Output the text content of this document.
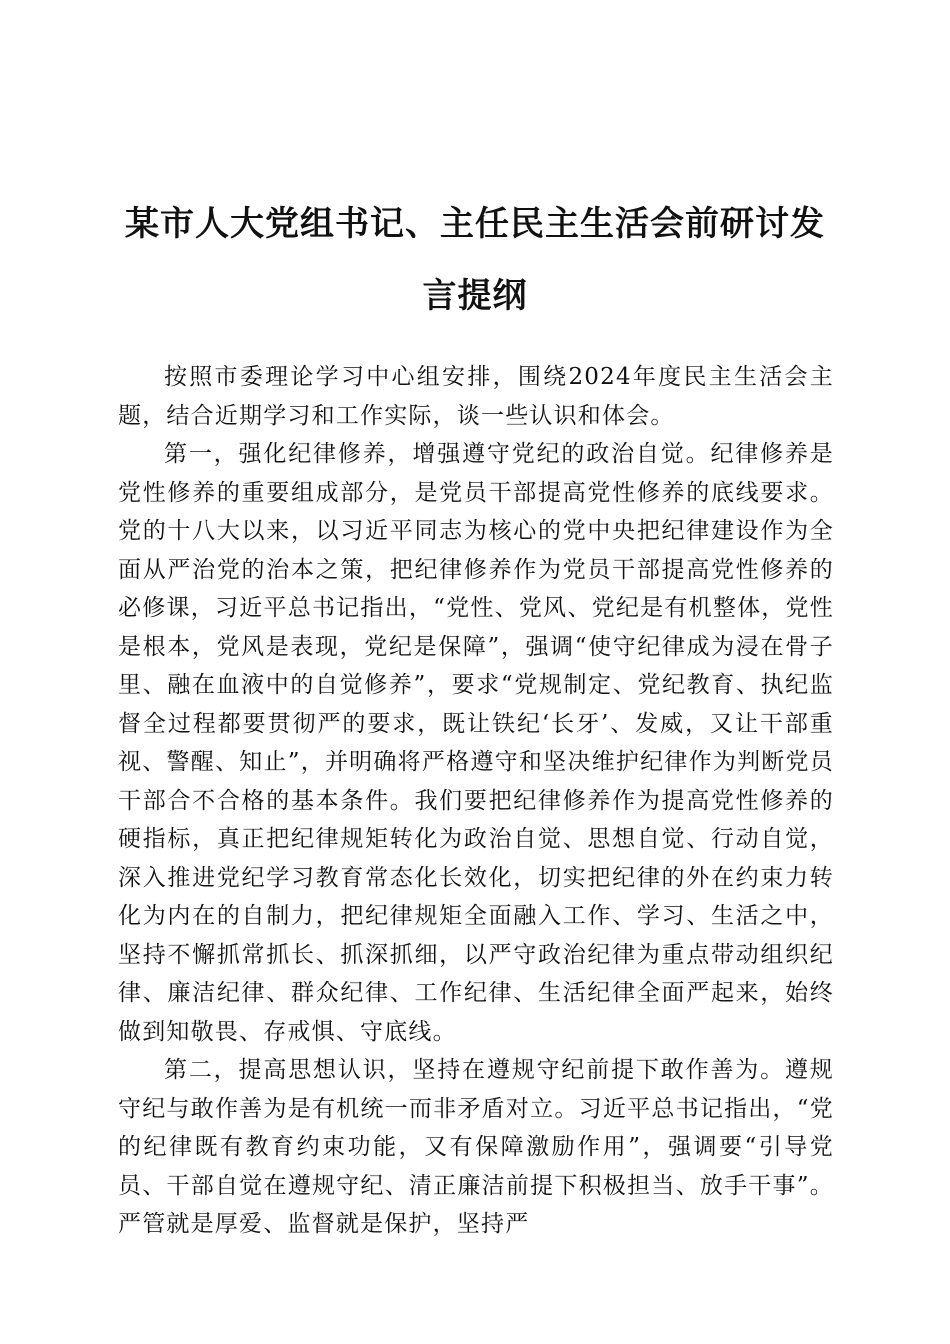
某市人大党组书记、主任民主生活会前研讨发言提纲

按照市委理论学习中心组安排，围绕2024年度民主生活会主题，结合近期学习和工作实际，谈一些认识和体会。

第一，强化纪律修养，增强遵守党纪的政治自觉。纪律修养是党性修养的重要组成部分，是党员干部提高党性修养的底线要求。党的十八大以来，以习近平同志为核心的党中央把纪律建设作为全面从严治党的治本之策，把纪律修养作为党员干部提高党性修养的必修课，习近平总书记指出，“党性、党风、党纪是有机整体，党性是根本，党风是表现，党纪是保障”，强调“使守纪律成为浸在骨子里、融在血液中的自觉修养”，要求“党规制定、党纪教育、执纪监督全过程都要贯彻严的要求，既让铁纪‘长牙’、发威，又让干部重视、警醒、知止”，并明确将严格遵守和坚决维护纪律作为判断党员干部合不合格的基本条件。我们要把纪律修养作为提高党性修养的硬指标，真正把纪律规矩转化为政治自觉、思想自觉、行动自觉，深入推进党纪学习教育常态化长效化，切实把纪律的外在约束力转化为内在的自制力，把纪律规矩全面融入工作、学习、生活之中，坚持不懈抓常抓长、抓深抓细，以严守政治纪律为重点带动组织纪律、廉洁纪律、群众纪律、工作纪律、生活纪律全面严起来，始终做到知敬畏、存戒惧、守底线。

第二，提高思想认识，坚持在遵规守纪前提下敢作善为。遵规守纪与敢作善为是有机统一而非矛盾对立。习近平总书记指出，“党的纪律既有教育约束功能，又有保障激励作用”，强调要“引导党员、干部自觉在遵规守纪、清正廉洁前提下积极担当、放手干事”。严管就是厚爱、监督就是保护，坚持严
